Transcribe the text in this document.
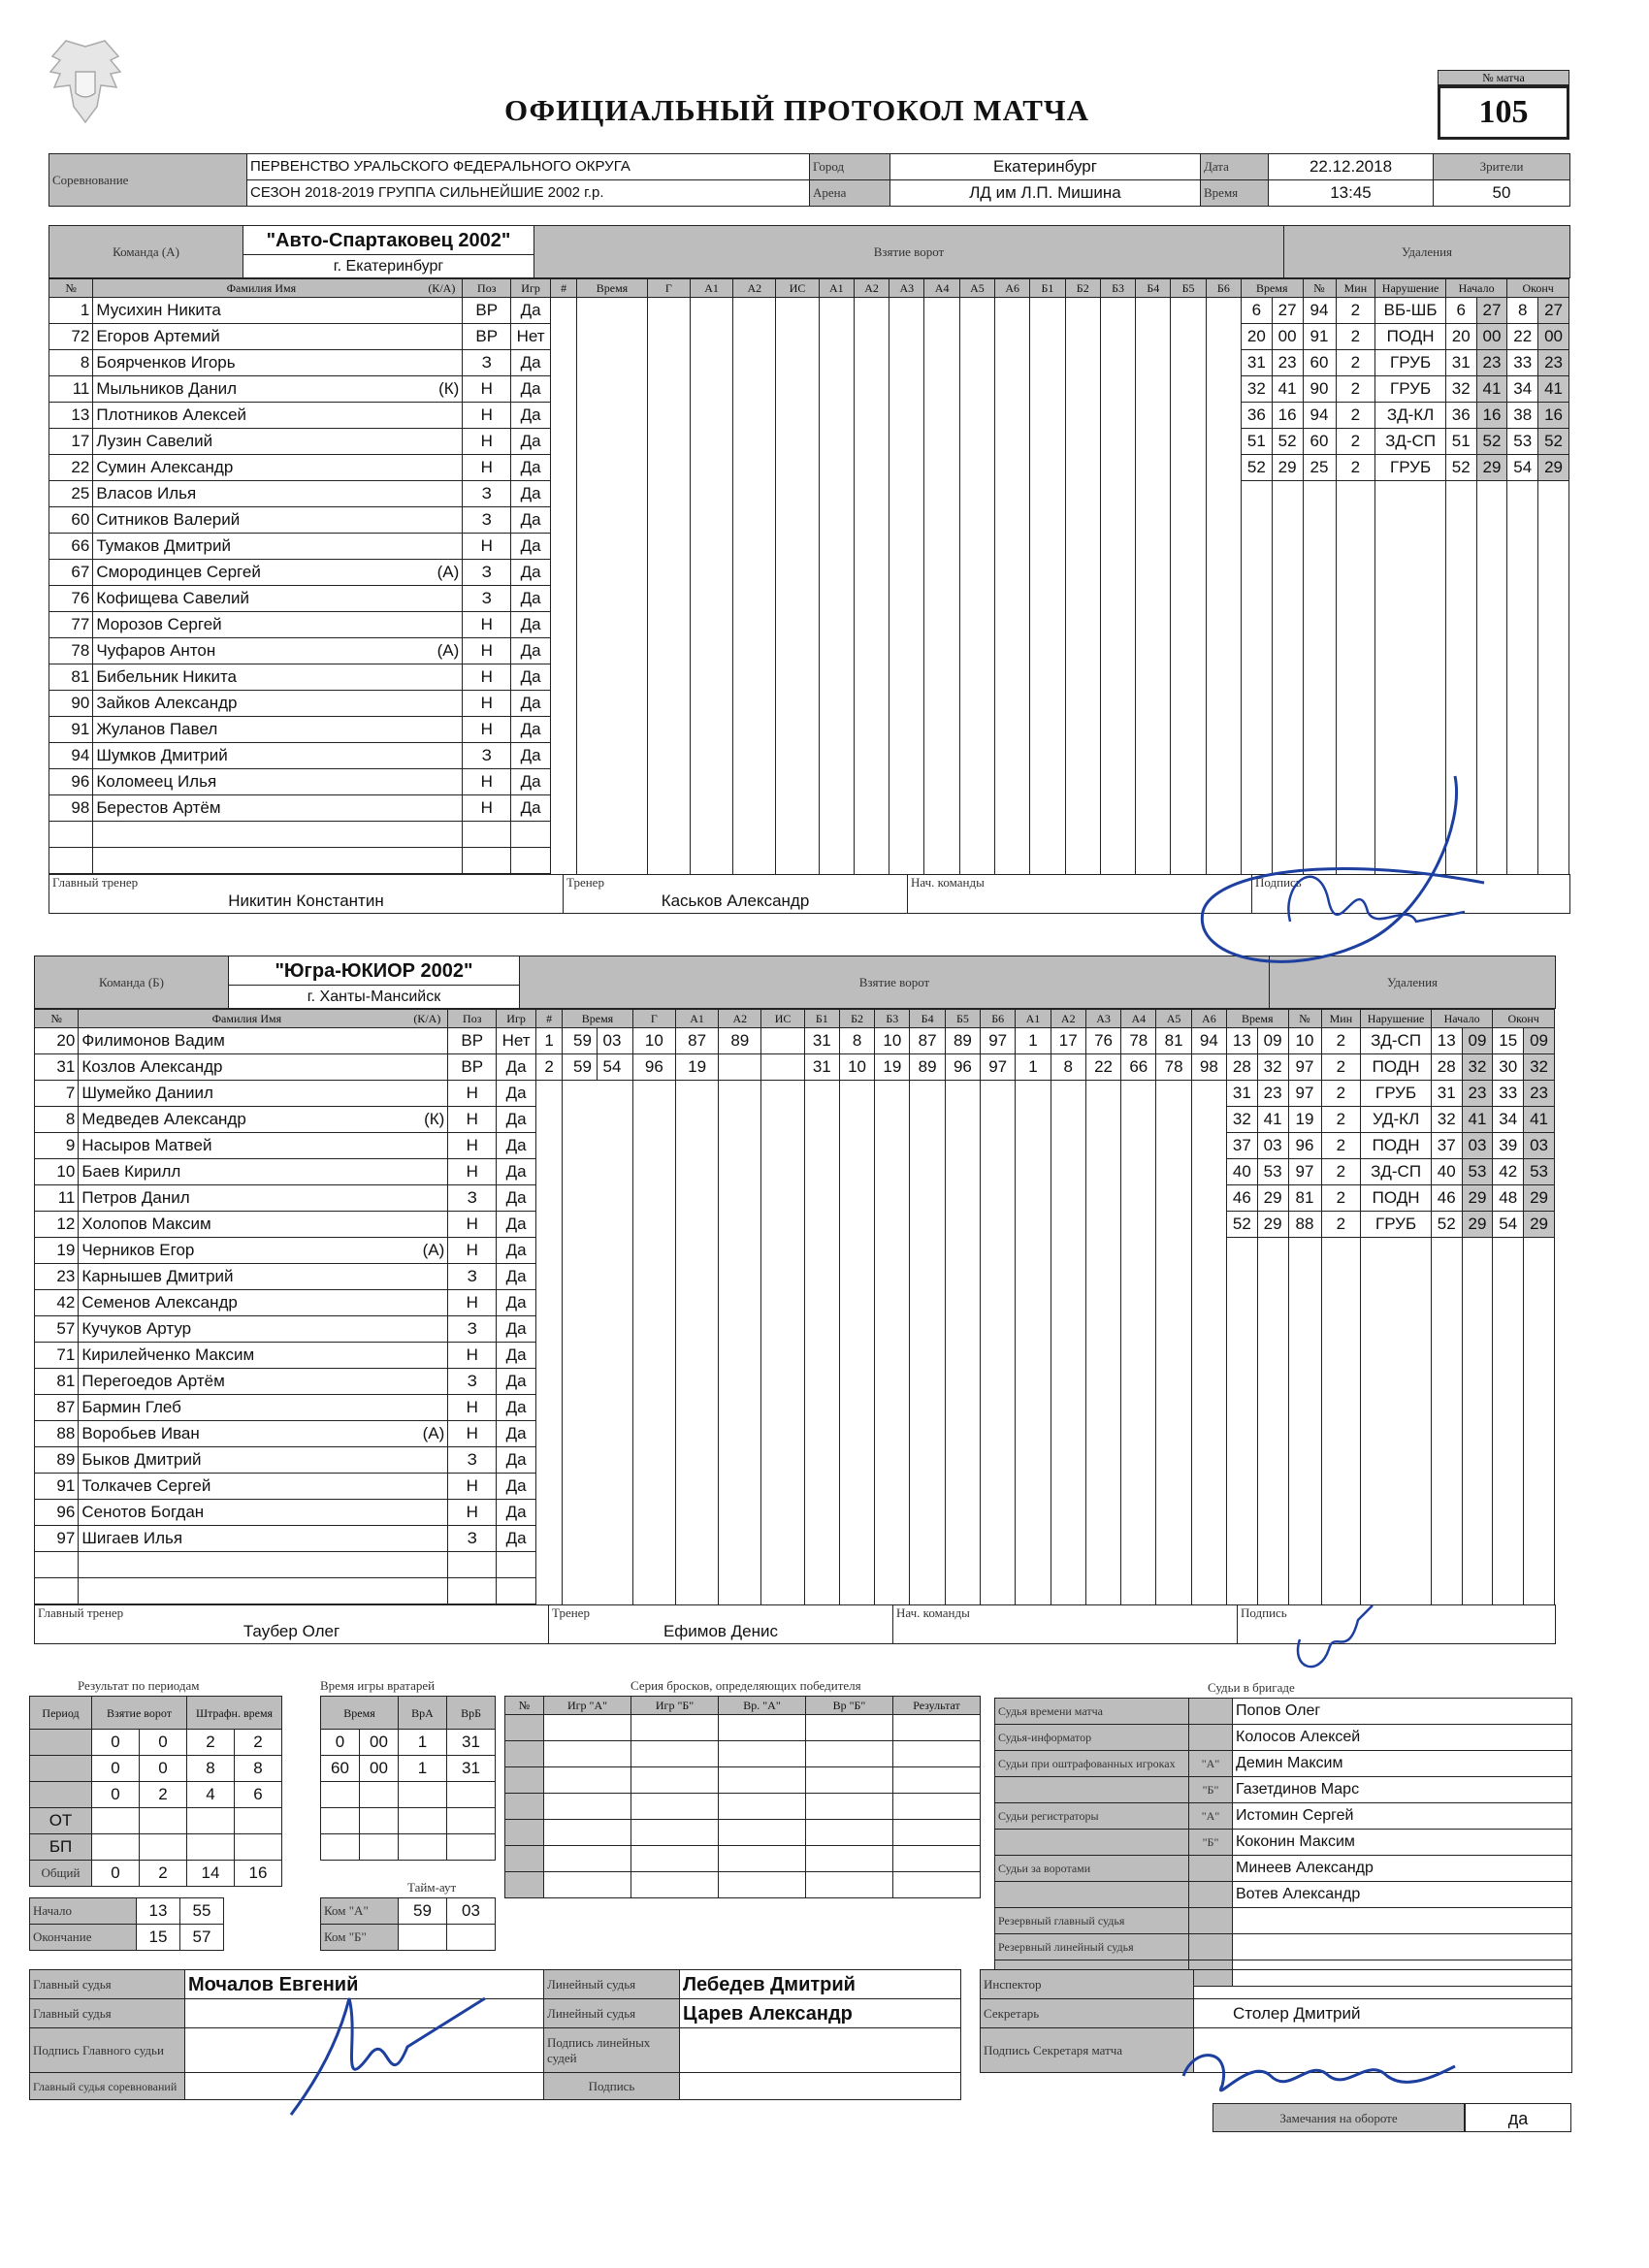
ОФИЦИАЛЬНЫЙ ПРОТОКОЛ МАТЧА
№ матча
105
Соревнование	ПЕРВЕНСТВО УРАЛЬСКОГО ФЕДЕРАЛЬНОГО ОКРУГА	Город	Екатеринбург	Дата	22.12.2018	Зрители
	СЕЗОН 2018-2019 ГРУППА СИЛЬНЕЙШИЕ 2002 г.р.	Арена	ЛД им Л.П. Мишина	Время	13:45	50
Команда (А)	"Авто-Спартаковец 2002"	Взятие ворот	Удаления
г. Екатеринбург
№	Фамилия Имя (К/А)	Поз	Игр	#	Время	Г	А1	А2	ИС	А1	А2	А3	А4	А5	А6	Б1	Б2	Б3	Б4	Б5	Б6	Время		№	Мин	Нарушение	Начало		Оконч	
1	Мусихин Никита	ВР	Да																			6	27	94	2	ВБ-ШБ	6	27	8	27
72	Егоров Артемий	ВР	Нет																			20	00	91	2	ПОДН	20	00	22	00
8	Боярченков Игорь	З	Да																			31	23	60	2	ГРУБ	31	23	33	23
11	Мыльников Данил (К)	Н	Да																			32	41	90	2	ГРУБ	32	41	34	41
13	Плотников Алексей	Н	Да																			36	16	94	2	ЗД-КЛ	36	16	38	16
17	Лузин Савелий	Н	Да																			51	52	60	2	ЗД-СП	51	52	53	52
22	Сумин Александр	Н	Да																			52	29	25	2	ГРУБ	52	29	54	29
25	Власов Илья	З	Да																											
60	Ситников Валерий	З	Да																											
66	Тумаков Дмитрий	Н	Да																											
67	Смородинцев Сергей (А)	З	Да																											
76	Кофищева Савелий	З	Да																											
77	Морозов Сергей	Н	Да																											
78	Чуфаров Антон (А)	Н	Да																											
81	Бибельник Никита	Н	Да																											
90	Зайков Александр	Н	Да																											
91	Жуланов Павел	Н	Да																											
94	Шумков Дмитрий	З	Да																											
96	Коломеец Илья	Н	Да																											
98	Берестов Артём	Н	Да																											

Главный тренер
Никитин Константин

Тренер
Каськов Александр

Нач. команды	Подпись
Команда (Б)	"Югра-ЮКИОР 2002"	Взятие ворот	Удаления
г. Ханты-Мансийск
№	Фамилия Имя (К/А)	Поз	Игр	#	Время	Г	А1	А2	ИС	Б1	Б2	Б3	Б4	Б5	Б6	А1	А2	А3	А4	А5	А6	Время		№	Мин	Нарушение	Начало		Оконч	
20	Филимонов Вадим	ВР	Нет	1	59 03	10	87	89		31	8	10	87	89	97	1	17	76	78	81	94	13	09	10	2	ЗД-СП	13	09	15	09
31	Козлов Александр	ВР	Да	2	59 54	96	19			31	10	19	89	96	97	1	8	22	66	78	98	28	32	97	2	ПОДН	28	32	30	32
7	Шумейко Даниил	Н	Да																			31	23	97	2	ГРУБ	31	23	33	23
8	Медведев Александр (К)	Н	Да																			32	41	19	2	УД-КЛ	32	41	34	41
9	Насыров Матвей	Н	Да																			37	03	96	2	ПОДН	37	03	39	03
10	Баев Кирилл	Н	Да																			40	53	97	2	ЗД-СП	40	53	42	53
11	Петров Данил	З	Да																			46	29	81	2	ПОДН	46	29	48	29
12	Холопов Максим	Н	Да																			52	29	88	2	ГРУБ	52	29	54	29
19	Черников Егор (А)	Н	Да																											
23	Карнышев Дмитрий	З	Да																											
42	Семенов Александр	Н	Да																											
57	Кучуков Артур	З	Да																											
71	Кирилейченко Максим	Н	Да																											
81	Перегоедов Артём	З	Да																											
87	Бармин Глеб	Н	Да																											
88	Воробьев Иван (А)	Н	Да																											
89	Быков Дмитрий	З	Да																											
91	Толкачев Сергей	Н	Да																											
96	Сенотов Богдан	Н	Да																											
97	Шигаев Илья	З	Да																											

Главный тренер
Таубер Олег

Тренер
Ефимов Денис

Нач. команды	Подпись
Результат по периодам
Период	Взятие ворот		Штрафн. время	
	0	0	2	2
	0	0	8	8
	0	2	4	6
ОТ				
БП				
Общий	0	2	14	16
Время игры вратарей
Время		ВрА	ВрБ
0	00	1	31
60	00	1	31

Серия бросков, определяющих победителя
№	Игр "А"	Игр "Б"	Вр. "А"	Вр "Б"	Результат

Судьи в бригаде
Судья времени матча		Попов Олег
Судья-информатор		Колосов Алексей
Судьи при оштрафованных игроках	"А"	Демин Максим
	"Б"	Газетдинов Марс
Судьи регистраторы	"А"	Истомин Сергей
	"Б"	Коконин Максим
Судьи за воротами		Минеев Александр
		Вотев Александр
Резервный главный судья		
Резервный линейный судья		

Начало	13	55
Окончание	15	57
Тайм-аут
Ком "А"	59	03
Ком "Б"		
Главный судья	Мочалов Евгений	Линейный судья	Лебедев Дмитрий
Главный судья		Линейный судья	Царев Александр
Подпись Главного судьи		Подпись линейных судей	
Главный судья соревнований		Подпись	
Инспектор	
Секретарь	Столер Дмитрий
Подпись Секретаря матча	
Замечания на обороте	да
